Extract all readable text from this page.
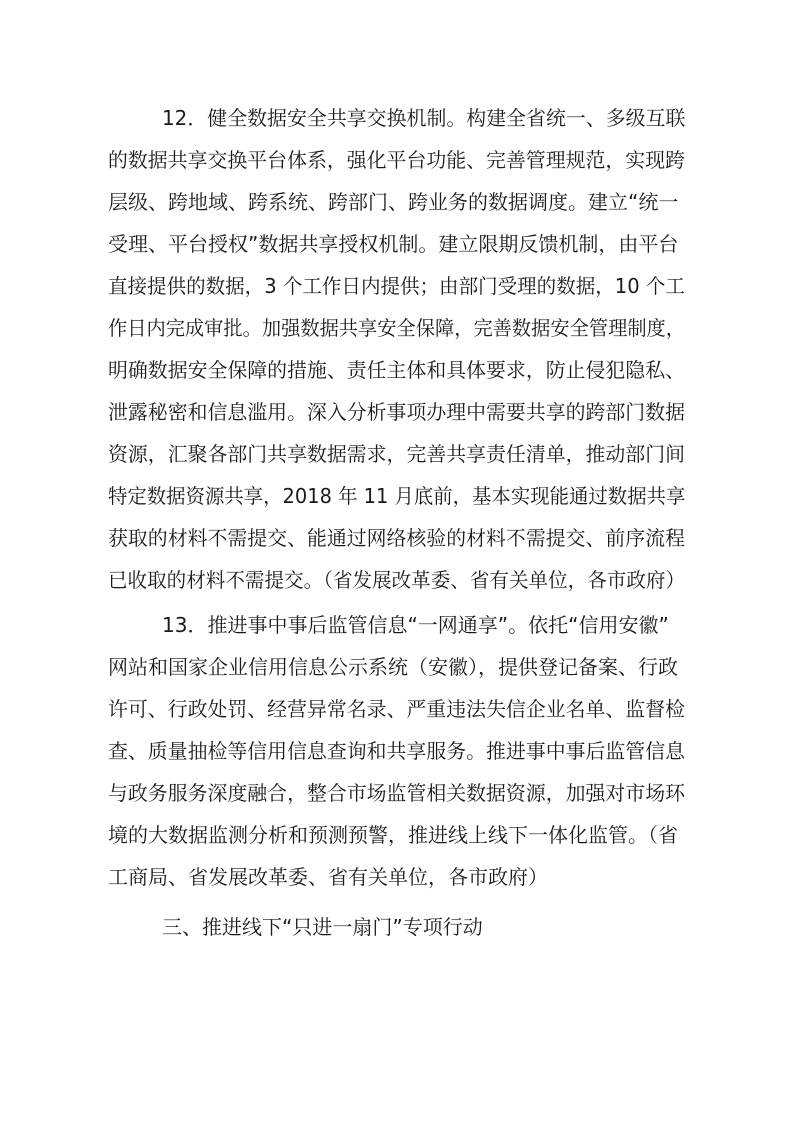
12．健全数据安全共享交换机制。构建全省统一、多级互联

的数据共享交换平台体系，强化平台功能、完善管理规范，实现跨

层级、跨地域、跨系统、跨部门、跨业务的数据调度。建立“统一

受理、平台授权”数据共享授权机制。建立限期反馈机制，由平台

直接提供的数据，3 个工作日内提供；由部门受理的数据，10 个工

作日内完成审批。加强数据共享安全保障，完善数据安全管理制度，

明确数据安全保障的措施、责任主体和具体要求，防止侵犯隐私、

泄露秘密和信息滥用。深入分析事项办理中需要共享的跨部门数据

资源，汇聚各部门共享数据需求，完善共享责任清单，推动部门间

特定数据资源共享，2018 年 11 月底前，基本实现能通过数据共享

获取的材料不需提交、能通过网络核验的材料不需提交、前序流程

已收取的材料不需提交。（省发展改革委、省有关单位，各市政府）

13．推进事中事后监管信息“一网通享”。依托“信用安徽”

网站和国家企业信用信息公示系统（安徽），提供登记备案、行政

许可、行政处罚、经营异常名录、严重违法失信企业名单、监督检

查、质量抽检等信用信息查询和共享服务。推进事中事后监管信息

与政务服务深度融合，整合市场监管相关数据资源，加强对市场环

境的大数据监测分析和预测预警，推进线上线下一体化监管。（省

工商局、省发展改革委、省有关单位，各市政府）

三、推进线下“只进一扇门”专项行动
